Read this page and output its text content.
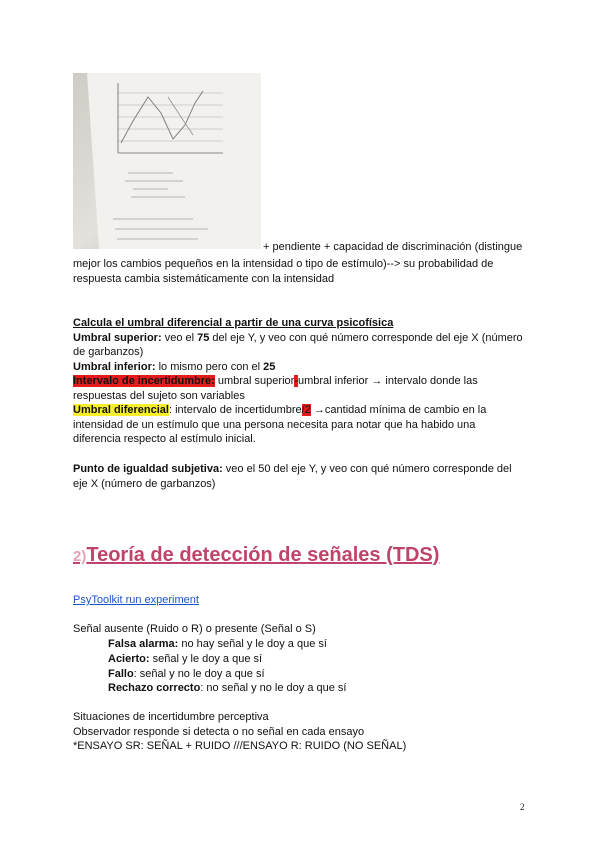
+ pendiente + capacidad de discriminación (distingue
mejor los cambios pequeños en la intensidad o tipo de estímulo)--> su probabilidad de
respuesta cambia sistemáticamente con la intensidad
Calcula el umbral diferencial a partir de una curva psicofísica
Umbral superior: veo el 75 del eje Y, y veo con qué número corresponde del eje X (número
de garbanzos)
Umbral inferior: lo mismo pero con el 25
Intervalo de incertidumbre: umbral superior-umbral inferior → intervalo donde las
respuestas del sujeto son variables
Umbral diferencial: intervalo de incertidumbre/2 →cantidad mínima de cambio en la
intensidad de un estímulo que una persona necesita para notar que ha habido una
diferencia respecto al estímulo inicial.
Punto de igualdad subjetiva: veo el 50 del eje Y, y veo con qué número corresponde del
eje X (número de garbanzos)
2)Teoría de detección de señales (TDS)
PsyToolkit run experiment
Señal ausente (Ruido o R) o presente (Señal o S)
Falsa alarma: no hay señal y le doy a que sí
Acierto: señal y le doy a que sí
Fallo: señal y no le doy a que sí
Rechazo correcto: no señal y no le doy a que sí
Situaciones de incertidumbre perceptiva
Observador responde si detecta o no señal en cada ensayo
*ENSAYO SR: SEÑAL + RUIDO ///ENSAYO R: RUIDO (NO SEÑAL)
2
